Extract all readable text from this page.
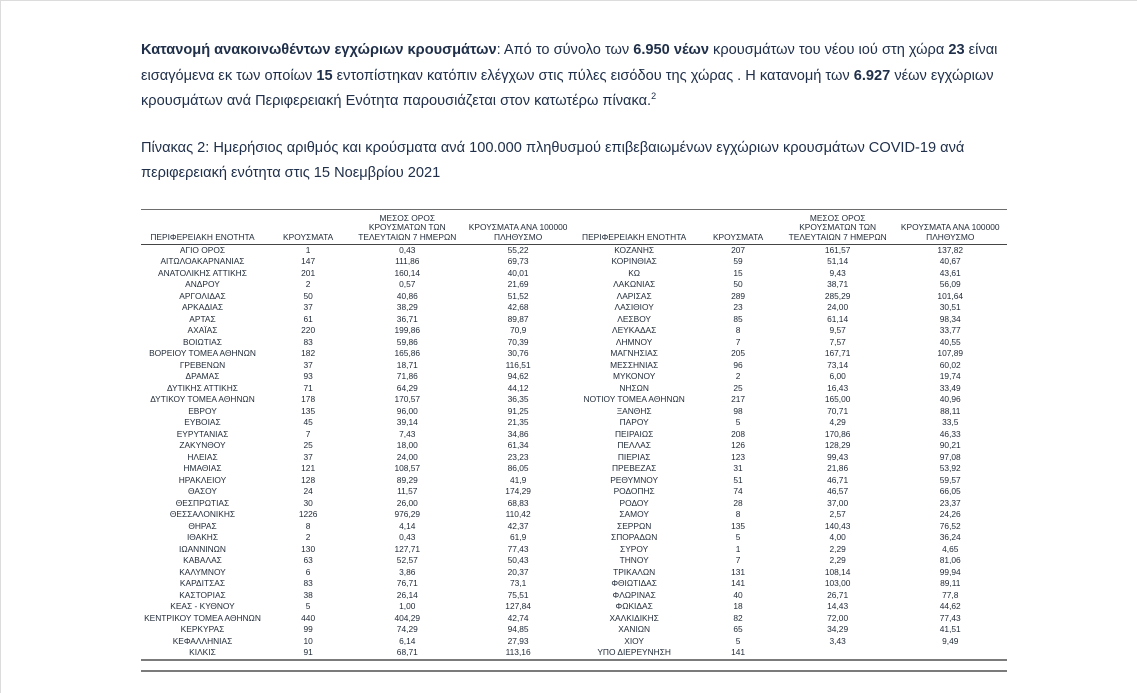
Κατανομή ανακοινωθέντων εγχώριων κρουσμάτων: Από το σύνολο των 6.950 νέων κρουσμάτων του νέου ιού στη χώρα 23 είναι εισαγόμενα εκ των οποίων 15 εντοπίστηκαν κατόπιν ελέγχων στις πύλες εισόδου της χώρας . Η κατανομή των 6.927 νέων εγχώριων κρουσμάτων ανά Περιφερειακή Ενότητα παρουσιάζεται στον κατωτέρω πίνακα.$^2$
Πίνακας 2: Ημερήσιος αριθμός και κρούσματα ανά 100.000 πληθυσμού επιβεβαιωμένων εγχώριων κρουσμάτων COVID-19 ανά περιφερειακή ενότητα στις 15 Νοεμβρίου 2021
ΠΕΡΙΦΕΡΕΙΑΚΗ ΕΝΟΤΗΤΑ	ΚΡΟΥΣΜΑΤΑ	ΜΕΣΟΣ ΟΡΟΣ
ΚΡΟΥΣΜΑΤΩΝ ΤΩΝ
ΤΕΛΕΥΤΑΙΩΝ 7 ΗΜΕΡΩΝ	ΚΡΟΥΣΜΑΤΑ ΑΝΑ 100000
ΠΛΗΘΥΣΜΟ	ΠΕΡΙΦΕΡΕΙΑΚΗ ΕΝΟΤΗΤΑ	ΚΡΟΥΣΜΑΤΑ	ΜΕΣΟΣ ΟΡΟΣ
ΚΡΟΥΣΜΑΤΩΝ ΤΩΝ
ΤΕΛΕΥΤΑΙΩΝ 7 ΗΜΕΡΩΝ	ΚΡΟΥΣΜΑΤΑ ΑΝΑ 100000
ΠΛΗΘΥΣΜΟ
ΑΓΙΟ ΟΡΟΣ	1	0,43	55,22	ΚΟΖΑΝΗΣ	207	161,57	137,82
ΑΙΤΩΛΟΑΚΑΡΝΑΝΙΑΣ	147	111,86	69,73	ΚΟΡΙΝΘΙΑΣ	59	51,14	40,67
ΑΝΑΤΟΛΙΚΗΣ ΑΤΤΙΚΗΣ	201	160,14	40,01	ΚΩ	15	9,43	43,61
ΑΝΔΡΟΥ	2	0,57	21,69	ΛΑΚΩΝΙΑΣ	50	38,71	56,09
ΑΡΓΟΛΙΔΑΣ	50	40,86	51,52	ΛΑΡΙΣΑΣ	289	285,29	101,64
ΑΡΚΑΔΙΑΣ	37	38,29	42,68	ΛΑΣΙΘΙΟΥ	23	24,00	30,51
ΑΡΤΑΣ	61	36,71	89,87	ΛΕΣΒΟΥ	85	61,14	98,34
ΑΧΑΪΑΣ	220	199,86	70,9	ΛΕΥΚΑΔΑΣ	8	9,57	33,77
ΒΟΙΩΤΙΑΣ	83	59,86	70,39	ΛΗΜΝΟΥ	7	7,57	40,55
ΒΟΡΕΙΟΥ ΤΟΜΕΑ ΑΘΗΝΩΝ	182	165,86	30,76	ΜΑΓΝΗΣΙΑΣ	205	167,71	107,89
ΓΡΕΒΕΝΩΝ	37	18,71	116,51	ΜΕΣΣΗΝΙΑΣ	96	73,14	60,02
ΔΡΑΜΑΣ	93	71,86	94,62	ΜΥΚΟΝΟΥ	2	6,00	19,74
ΔΥΤΙΚΗΣ ΑΤΤΙΚΗΣ	71	64,29	44,12	ΝΗΣΩΝ	25	16,43	33,49
ΔΥΤΙΚΟΥ ΤΟΜΕΑ ΑΘΗΝΩΝ	178	170,57	36,35	ΝΟΤΙΟΥ ΤΟΜΕΑ ΑΘΗΝΩΝ	217	165,00	40,96
ΕΒΡΟΥ	135	96,00	91,25	ΞΑΝΘΗΣ	98	70,71	88,11
ΕΥΒΟΙΑΣ	45	39,14	21,35	ΠΑΡΟΥ	5	4,29	33,5
ΕΥΡΥΤΑΝΙΑΣ	7	7,43	34,86	ΠΕΙΡΑΙΩΣ	208	170,86	46,33
ΖΑΚΥΝΘΟΥ	25	18,00	61,34	ΠΕΛΛΑΣ	126	128,29	90,21
ΗΛΕΙΑΣ	37	24,00	23,23	ΠΙΕΡΙΑΣ	123	99,43	97,08
ΗΜΑΘΙΑΣ	121	108,57	86,05	ΠΡΕΒΕΖΑΣ	31	21,86	53,92
ΗΡΑΚΛΕΙΟΥ	128	89,29	41,9	ΡΕΘΥΜΝΟΥ	51	46,71	59,57
ΘΑΣΟΥ	24	11,57	174,29	ΡΟΔΟΠΗΣ	74	46,57	66,05
ΘΕΣΠΡΩΤΙΑΣ	30	26,00	68,83	ΡΟΔΟΥ	28	37,00	23,37
ΘΕΣΣΑΛΟΝΙΚΗΣ	1226	976,29	110,42	ΣΑΜΟΥ	8	2,57	24,26
ΘΗΡΑΣ	8	4,14	42,37	ΣΕΡΡΩΝ	135	140,43	76,52
ΙΘΑΚΗΣ	2	0,43	61,9	ΣΠΟΡΑΔΩΝ	5	4,00	36,24
ΙΩΑΝΝΙΝΩΝ	130	127,71	77,43	ΣΥΡΟΥ	1	2,29	4,65
ΚΑΒΑΛΑΣ	63	52,57	50,43	ΤΗΝΟΥ	7	2,29	81,06
ΚΑΛΥΜΝΟΥ	6	3,86	20,37	ΤΡΙΚΑΛΩΝ	131	108,14	99,94
ΚΑΡΔΙΤΣΑΣ	83	76,71	73,1	ΦΘΙΩΤΙΔΑΣ	141	103,00	89,11
ΚΑΣΤΟΡΙΑΣ	38	26,14	75,51	ΦΛΩΡΙΝΑΣ	40	26,71	77,8
ΚΕΑΣ - ΚΥΘΝΟΥ	5	1,00	127,84	ΦΩΚΙΔΑΣ	18	14,43	44,62
ΚΕΝΤΡΙΚΟΥ ΤΟΜΕΑ ΑΘΗΝΩΝ	440	404,29	42,74	ΧΑΛΚΙΔΙΚΗΣ	82	72,00	77,43
ΚΕΡΚΥΡΑΣ	99	74,29	94,85	ΧΑΝΙΩΝ	65	34,29	41,51
ΚΕΦΑΛΛΗΝΙΑΣ	10	6,14	27,93	ΧΙΟΥ	5	3,43	9,49
ΚΙΛΚΙΣ	91	68,71	113,16	ΥΠΟ ΔΙΕΡΕΥΝΗΣΗ	141		
